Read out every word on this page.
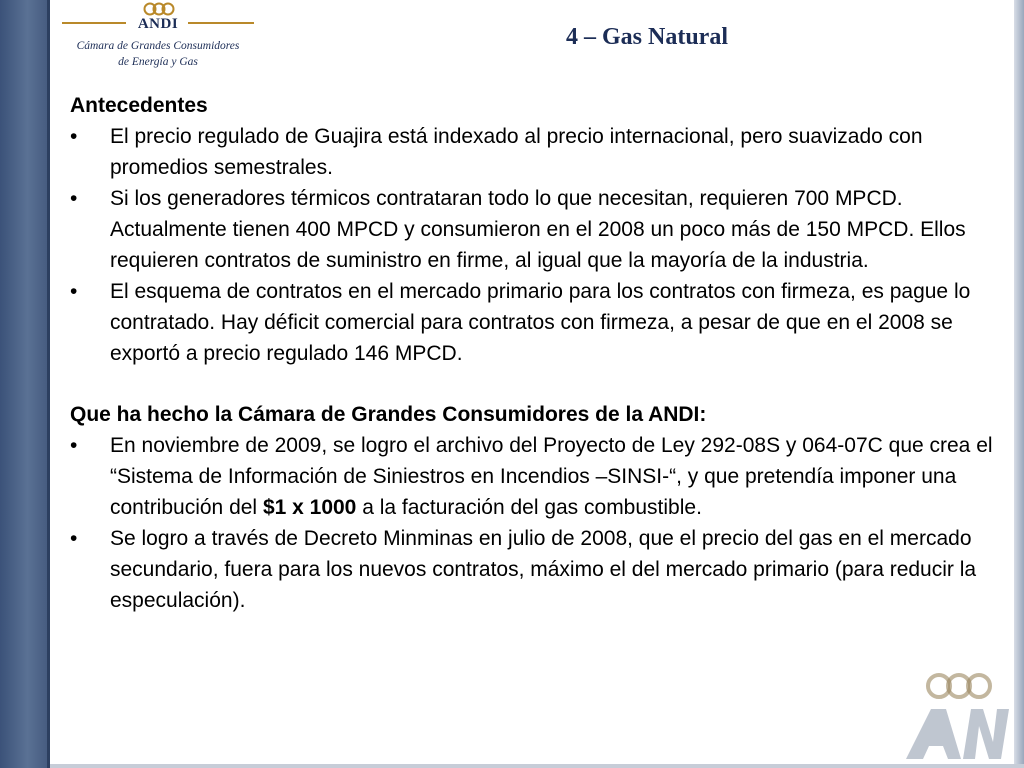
ANDI
Cámara de Grandes Consumidores
de Energía y Gas
4 – Gas Natural
Antecedentes
• El precio regulado de Guajira está indexado al precio internacional, pero suavizado con promedios semestrales.
• Si los generadores térmicos contrataran todo lo que necesitan, requieren 700 MPCD. Actualmente tienen 400 MPCD y consumieron en el 2008 un poco más de 150 MPCD. Ellos requieren contratos de suministro en firme, al igual que la mayoría de la industria.
• El esquema de contratos en el mercado primario para los contratos con firmeza, es pague lo contratado. Hay déficit comercial para contratos con firmeza, a pesar de que en el 2008 se exportó a precio regulado 146 MPCD.
Que ha hecho la Cámara de Grandes Consumidores de la ANDI:
• En noviembre de 2009, se logro el archivo del Proyecto de Ley 292-08S y 064-07C que crea el “Sistema de Información de Siniestros en Incendios –SINSI-“, y que pretendía imponer una contribución del $1 x 1000 a la facturación del gas combustible.
• Se logro a través de Decreto Minminas en julio de 2008, que el precio del gas en el mercado secundario, fuera para los nuevos contratos, máximo el del mercado primario (para reducir la especulación).
